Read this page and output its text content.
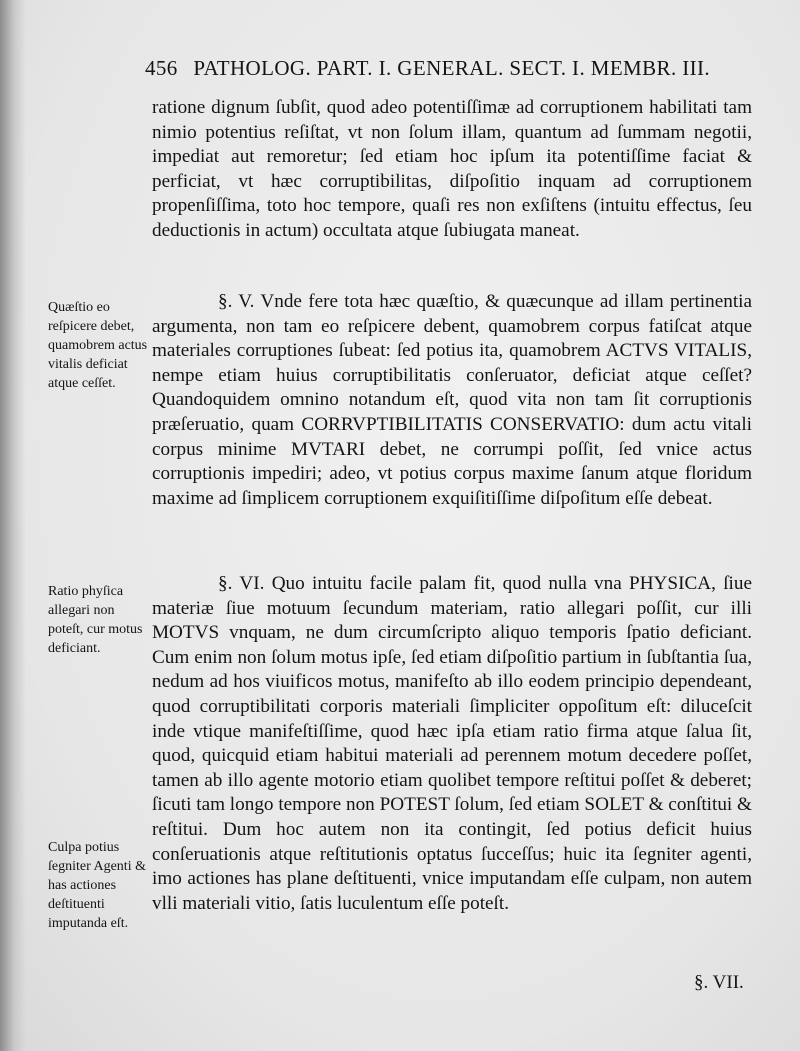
456 PATHOLOG. PART. I. GENERAL. SECT. I. MEMBR. III.

ratione dignum ſubſit, quod adeo potentiſſimæ ad corruptionem habilitati tam nimio potentius reſiſtat, vt non ſolum illam, quantum ad ſummam negotii, impediat aut remoretur; ſed etiam hoc ipſum ita potentiſſime faciat & perficiat, vt hæc corruptibilitas, diſpoſitio inquam ad corruptionem propenſiſſima, toto hoc tempore, quaſi res non exſiſtens (intuitu effectus, ſeu deductionis in actum) occultata atque ſubiugata maneat.

Quæſtio eo reſpicere debet, quamobrem actus vitalis deficiat atque ceſſet.

§. V. Vnde fere tota hæc quæſtio, & quæcunque ad illam pertinentia argumenta, non tam eo reſpicere debent, quamobrem corpus fatiſcat atque materiales corruptiones ſubeat: ſed potius ita, quamobrem ACTVS VITALIS, nempe etiam huius corruptibilitatis conſeruator, deficiat atque ceſſet? Quandoquidem omnino notandum eſt, quod vita non tam ſit corruptionis præſeruatio, quam CORRVPTIBILITATIS CONSERVATIO: dum actu vitali corpus minime MVTARI debet, ne corrumpi poſſit, ſed vnice actus corruptionis impediri; adeo, vt potius corpus maxime ſanum atque floridum maxime ad ſimplicem corruptionem exquiſitiſſime diſpoſitum eſſe debeat.

Ratio phyſica allegari non poteſt, cur motus deficiant.
Culpa potius ſegniter Agenti & has actiones deſtituenti imputanda eſt.

§. VI. Quo intuitu facile palam fit, quod nulla vna PHYSICA, ſiue materiæ ſiue motuum ſecundum materiam, ratio allegari poſſit, cur illi MOTVS vnquam, ne dum circumſcripto aliquo temporis ſpatio deficiant. Cum enim non ſolum motus ipſe, ſed etiam diſpoſitio partium in ſubſtantia ſua, nedum ad hos viuificos motus, manifeſto ab illo eodem principio dependeant, quod corruptibilitati corporis materiali ſimpliciter oppoſitum eſt: diluceſcit inde vtique manifeſtiſſime, quod hæc ipſa etiam ratio firma atque ſalua ſit, quod, quicquid etiam habitui materiali ad perennem motum decedere poſſet, tamen ab illo agente motorio etiam quolibet tempore reſtitui poſſet & deberet; ſicuti tam longo tempore non POTEST ſolum, ſed etiam SOLET & conſtitui & reſtitui. Dum hoc autem non ita contingit, ſed potius deficit huius conſeruationis atque reſtitutionis optatus ſucceſſus; huic ita ſegniter agenti, imo actiones has plane deſtituenti, vnice imputandam eſſe culpam, non autem vlli materiali vitio, ſatis luculentum eſſe poteſt.

§. VII.
